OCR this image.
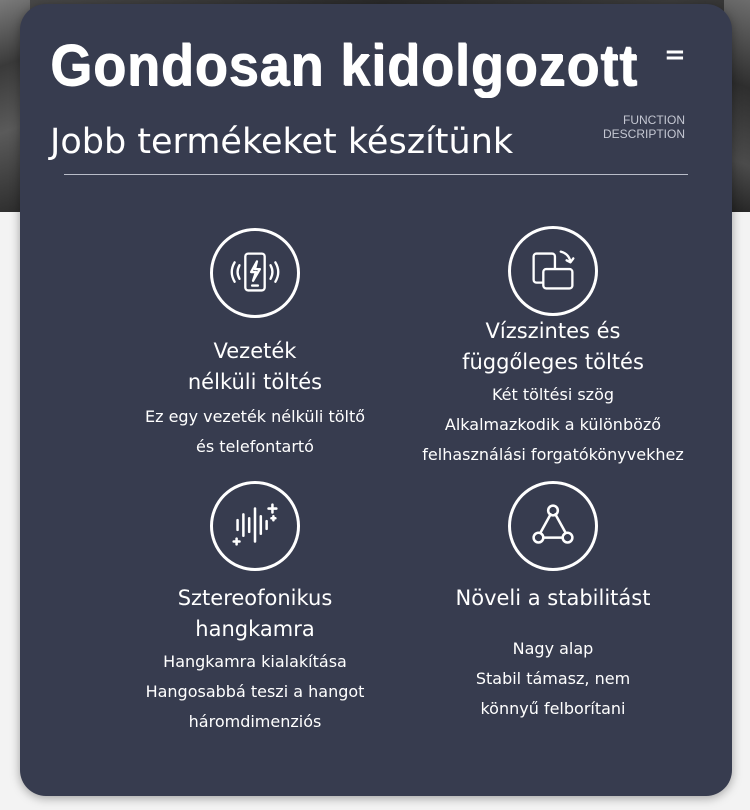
Gondosan kidolgozott =
Jobb termékeket készítünk
FUNCTION
DESCRIPTION
Vezeték
nélküli töltés
Ez egy vezeték nélküli töltő
és telefontartó
Vízszintes és
függőleges töltés
Két töltési szög
Alkalmazkodik a különböző
felhasználási forgatókönyvekhez
Sztereofonikus
hangkamra
Hangkamra kialakítása
Hangosabbá teszi a hangot
háromdimenziós
Növeli a stabilitást
Nagy alap
Stabil támasz, nem
könnyű felborítani
